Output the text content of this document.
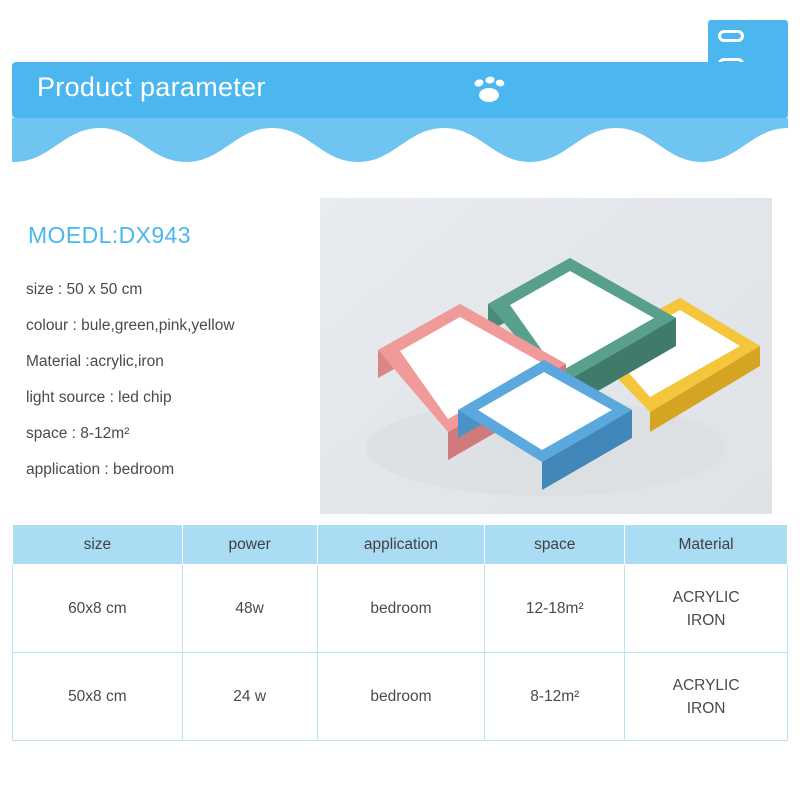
Product parameter
MOEDL:DX943
size : 50 x 50 cm
colour : bule,green,pink,yellow
Material :acrylic,iron
light source : led chip
space : 8-12m²
application : bedroom
size	power	application	space	Material
60x8 cm	48w	bedroom	12-18m²	ACRYLIC
IRON

50x8 cm	24 w	bedroom	8-12m²	ACRYLIC
IRON
